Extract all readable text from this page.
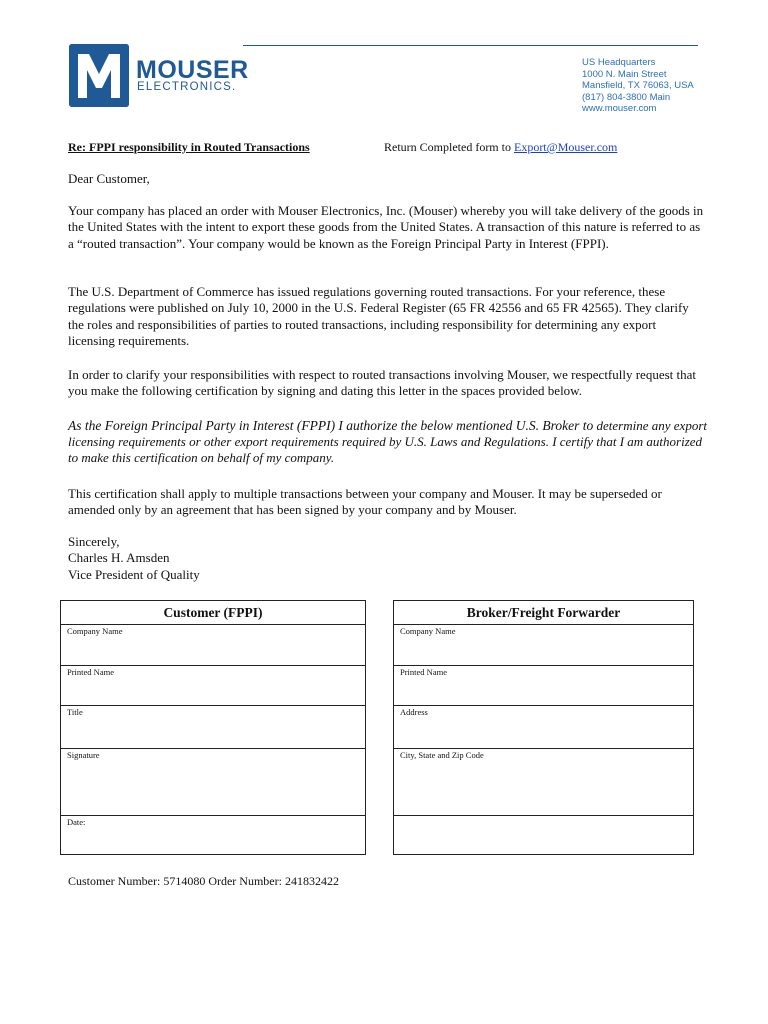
MOUSER
ELECTRONICS.
US Headquarters
1000 N. Main Street
Mansfield, TX 76063, USA
(817) 804-3800 Main
www.mouser.com
Re: FPPI responsibility in Routed Transactions	Return Completed form to Export@Mouser.com

Dear Customer,

Your company has placed an order with Mouser Electronics, Inc. (Mouser) whereby you will take delivery of the goods in the United States with the intent to export these goods from the United States. A transaction of this nature is referred to as a “routed transaction”. Your company would be known as the Foreign Principal Party in Interest (FPPI).

The U.S. Department of Commerce has issued regulations governing routed transactions. For your reference, these regulations were published on July 10, 2000 in the U.S. Federal Register (65 FR 42556 and 65 FR 42565). They clarify the roles and responsibilities of parties to routed transactions, including responsibility for determining any export licensing requirements.

In order to clarify your responsibilities with respect to routed transactions involving Mouser, we respectfully request that you make the following certification by signing and dating this letter in the spaces provided below.

As the Foreign Principal Party in Interest (FPPI) I authorize the below mentioned U.S. Broker to determine any export licensing requirements or other export requirements required by U.S. Laws and Regulations. I certify that I am authorized to make this certification on behalf of my company.

This certification shall apply to multiple transactions between your company and Mouser. It may be superseded or amended only by an agreement that has been signed by your company and by Mouser.

Sincerely,
Charles H. Amsden
Vice President of Quality
Customer (FPPI)

Company Name

Printed Name

Title

Signature

Date:
Broker/Freight Forwarder

Company Name

Printed Name

Address

City, State and Zip Code

Customer Number: 5714080 Order Number: 241832422
